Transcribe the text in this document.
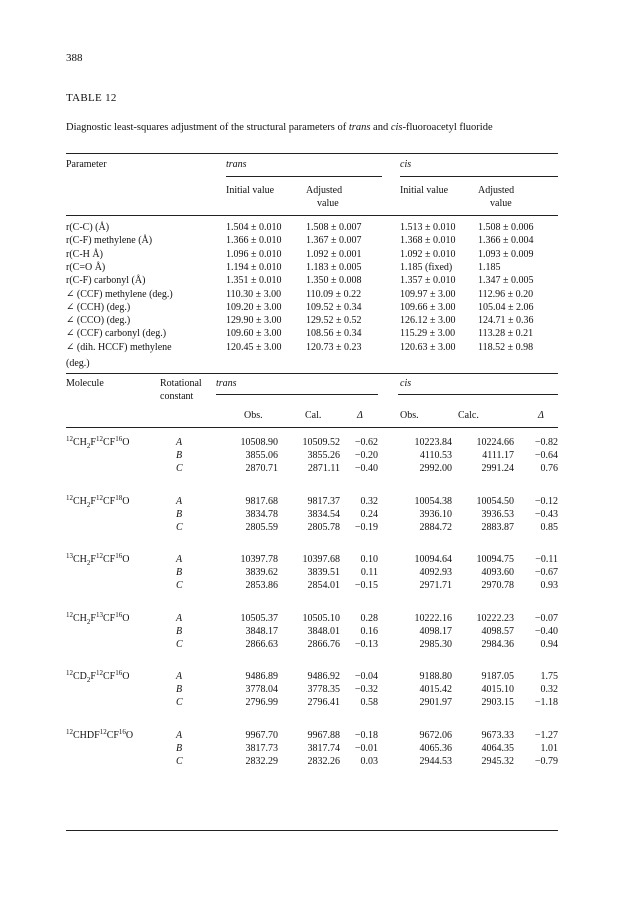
388
TABLE 12
Diagnostic least-squares adjustment of the structural parameters of trans and cis-fluoroacetyl fluoride
Parameter	trans	cis
Initial value	Adjusted
value
Initial value	Adjusted
value
r(C-C) (Å)	1.504 ± 0.010 1.508 ± 0.007	1.513 ± 0.010 1.508 ± 0.006
r(C-F) methylene (Å)	1.366 ± 0.010 1.367 ± 0.007	1.368 ± 0.010 1.366 ± 0.004
r(C-H Å)	1.096 ± 0.010 1.092 ± 0.001	1.092 ± 0.010 1.093 ± 0.009
r(C=O Å)	1.194 ± 0.010 1.183 ± 0.005	1.185 (fixed)	1.185
r(C-F) carbonyl (Å)	1.351 ± 0.010 1.350 ± 0.008	1.357 ± 0.010 1.347 ± 0.005
∠ (CCF) methylene (deg.)	110.30 ± 3.00 110.09 ± 0.22	109.97 ± 3.00 112.96 ± 0.20
∠ (CCH) (deg.)	109.20 ± 3.00 109.52 ± 0.34	109.66 ± 3.00 105.04 ± 2.06
∠ (CCO) (deg.)	129.90 ± 3.00 129.52 ± 0.52	126.12 ± 3.00 124.71 ± 0.36
∠ (CCF) carbonyl (deg.)	109.60 ± 3.00 108.56 ± 0.34	115.29 ± 3.00 113.28 ± 0.21
∠ (dih. HCCF) methylene	120.45 ± 3.00 120.73 ± 0.23	120.63 ± 3.00 118.52 ± 0.98
(deg.)
Molecule	Rotational
constant
trans	cis
Obs.	Cal.	Δ	Obs.	Calc.	Δ
$^{12}CH_2F^{12}CF^{16}O$	A	10508.90	10509.52	−0.62	10223.84	10224.66	−0.82
B	3855.06	3855.26	−0.20	4110.53	4111.17	−0.64
C	2870.71	2871.11	−0.40	2992.00	2991.24	0.76
$^{12}CH_2F^{12}CF^{18}O$	A	9817.68	9817.37	0.32	10054.38	10054.50	−0.12
B	3834.78	3834.54	0.24	3936.10	3936.53	−0.43
C	2805.59	2805.78	−0.19	2884.72	2883.87	0.85
$^{13}CH_2F^{12}CF^{16}O$	A	10397.78	10397.68	0.10	10094.64	10094.75	−0.11
B	3839.62	3839.51	0.11	4092.93	4093.60	−0.67
C	2853.86	2854.01	−0.15	2971.71	2970.78	0.93
$^{12}CH_2F^{13}CF^{16}O$	A	10505.37	10505.10	0.28	10222.16	10222.23	−0.07
B	3848.17	3848.01	0.16	4098.17	4098.57	−0.40
C	2866.63	2866.76	−0.13	2985.30	2984.36	0.94
$^{12}CD_2F^{12}CF^{16}O$	A	9486.89	9486.92	−0.04	9188.80	9187.05	1.75
B	3778.04	3778.35	−0.32	4015.42	4015.10	0.32
C	2796.99	2796.41	0.58	2901.97	2903.15	−1.18
$^{12}$CHDF$^{12}$CF$^{16}$O	A	9967.70	9967.88	−0.18	9672.06	9673.33	−1.27
B	3817.73	3817.74	−0.01	4065.36	4064.35	1.01
C	2832.29	2832.26	0.03	2944.53	2945.32	−0.79
